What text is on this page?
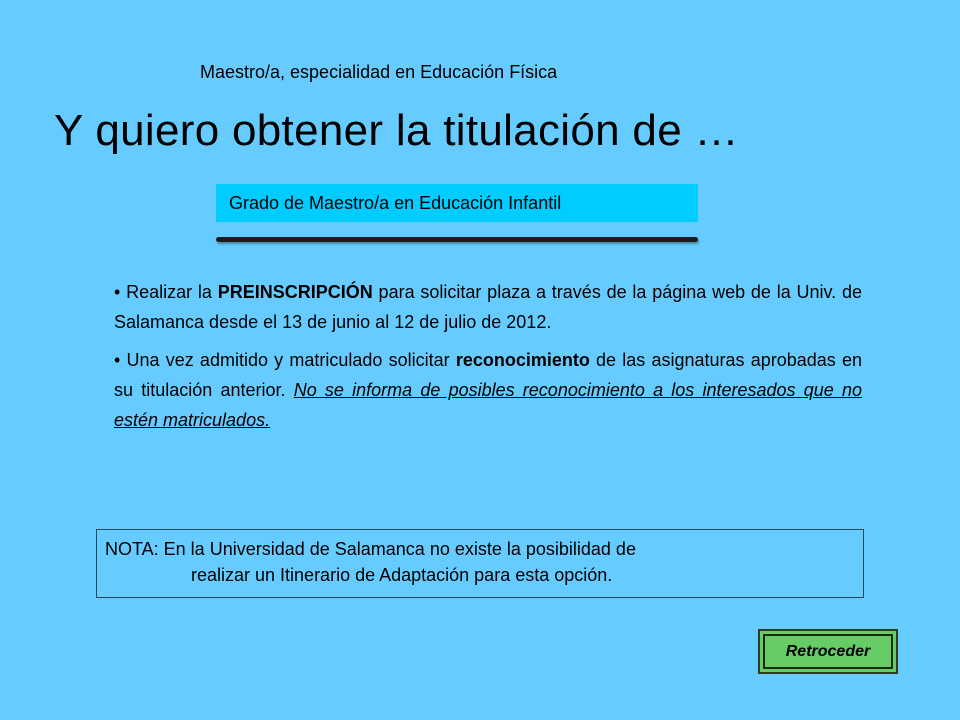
Maestro/a, especialidad en Educación Física
Y quiero obtener la titulación de …
Grado de Maestro/a en Educación Infantil

• Realizar la PREINSCRIPCIÓN para solicitar plaza a través de la página web de la Univ. de Salamanca desde el 13 de junio al 12 de julio de 2012.

• Una vez admitido y matriculado solicitar reconocimiento de las asignaturas aprobadas en su titulación anterior. No se informa de posibles reconocimiento a los interesados que no estén matriculados.

NOTA: En la Universidad de Salamanca no existe la posibilidad de
realizar un Itinerario de Adaptación para esta opción.
Retroceder
